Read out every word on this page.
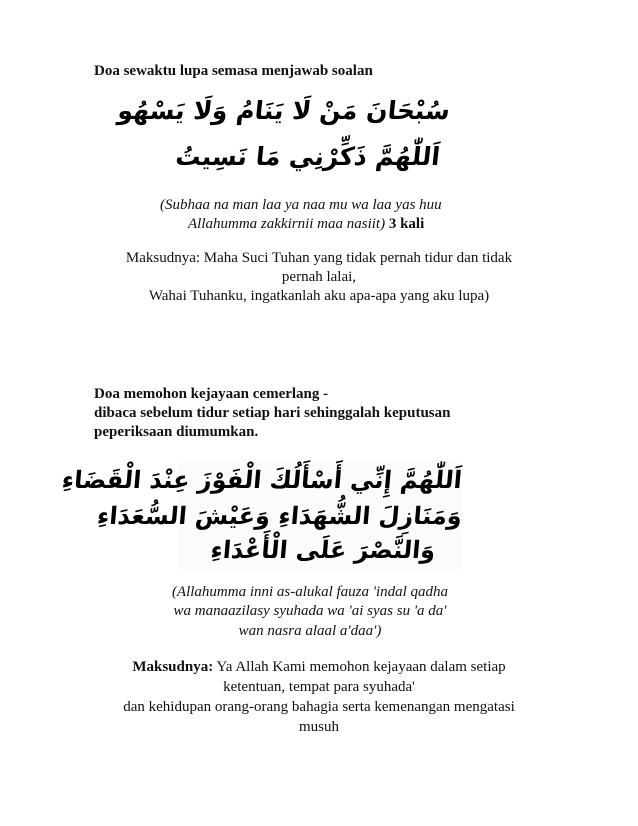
Doa sewaktu lupa semasa menjawab soalan
سُبْحَانَ مَنْ لَا يَنَامُ وَلَا يَسْهُو
اَللّٰهُمَّ ذَكِّرْنِي مَا نَسِيتُ
(Subhaa na man laa ya naa mu wa laa yas huu
Allahumma zakkirnii maa nasiit) 3 kali
Maksudnya: Maha Suci Tuhan yang tidak pernah tidur dan tidak
pernah lalai,
Wahai Tuhanku, ingatkanlah aku apa-apa yang aku lupa)
Doa memohon kejayaan cemerlang -
dibaca sebelum tidur setiap hari sehinggalah keputusan
peperiksaan diumumkan.
اَللّٰهُمَّ إِنِّي أَسْأَلُكَ الْفَوْزَ عِنْدَ الْقَضَاءِ
وَمَنَازِلَ الشُّهَدَاءِ وَعَيْشَ السُّعَدَاءِ
وَالنَّصْرَ عَلَى الْأَعْدَاءِ
(Allahumma inni as-alukal fauza 'indal qadha
wa manaazilasy syuhada wa 'ai syas su 'a da'
wan nasra alaal a'daa')
Maksudnya: Ya Allah Kami memohon kejayaan dalam setiap
ketentuan, tempat para syuhada'
dan kehidupan orang-orang bahagia serta kemenangan mengatasi
musuh
